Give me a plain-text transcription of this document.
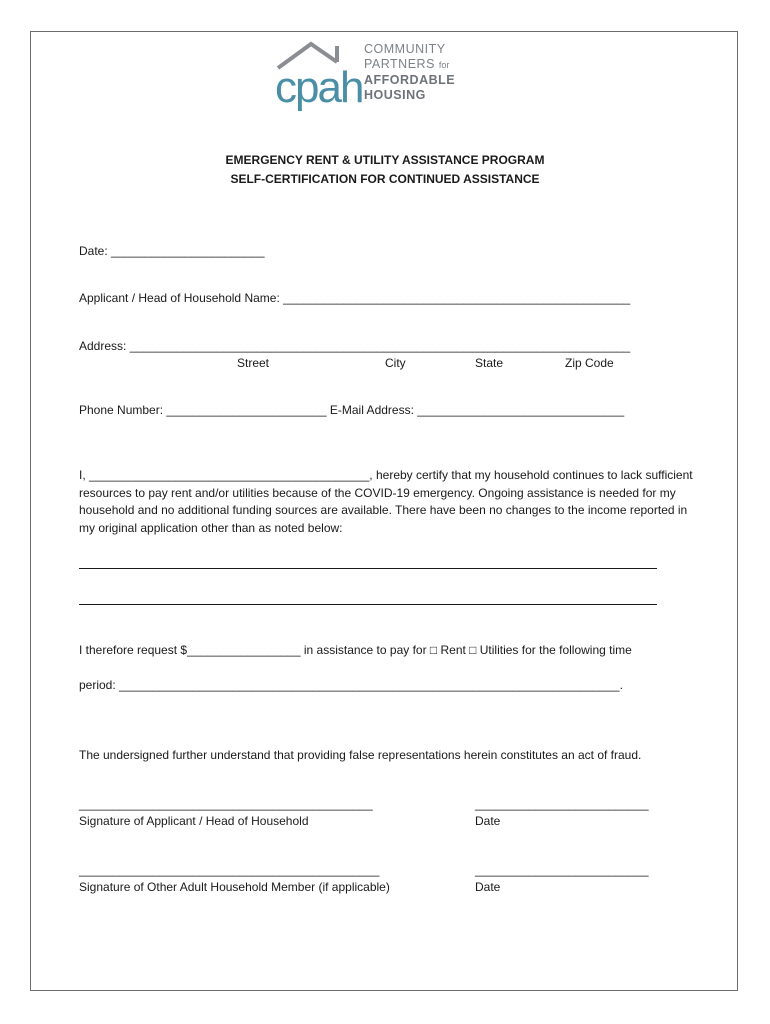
cpah
COMMUNITY
PARTNERS for
AFFORDABLE
HOUSING
EMERGENCY RENT & UTILITY ASSISTANCE PROGRAM
SELF-CERTIFICATION FOR CONTINUED ASSISTANCE
Date: _______________________
Applicant / Head of Household Name: ____________________________________________________
Address: ___________________________________________________________________________
Street	City	State	Zip Code
Phone Number: ________________________ E-Mail Address: _______________________________
I, __________________________________________, hereby certify that my household continues to lack sufficient resources to pay rent and/or utilities because of the COVID-19 emergency. Ongoing assistance is needed for my household and no additional funding sources are available. There have been no changes to the income reported in my original application other than as noted below:
I therefore request $_________________ in assistance to pay for □ Rent □ Utilities for the following time
period: ___________________________________________________________________________.
The undersigned further understand that providing false representations herein constitutes an act of fraud.
____________________________________________	__________________________
Signature of Applicant / Head of Household	Date
_____________________________________________	__________________________
Signature of Other Adult Household Member (if applicable)	Date
